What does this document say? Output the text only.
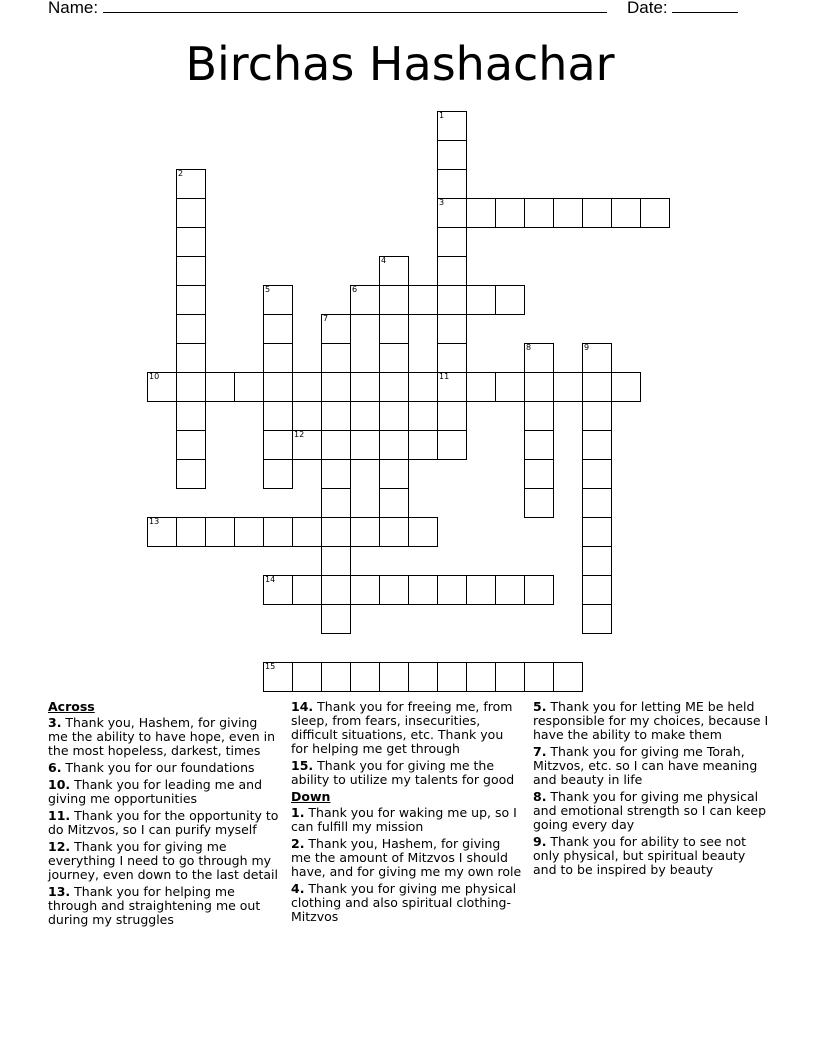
Name:	Date:
Birchas Hashachar
1
3
11
2
4
5	6
7
8	9
10
12
13
14
15
Across
3. Thank you, Hashem, for giving me the ability to have hope, even in the most hopeless, darkest, times
6. Thank you for our foundations
10. Thank you for leading me and giving me opportunities
11. Thank you for the opportunity to do Mitzvos, so I can purify myself
12. Thank you for giving me everything I need to go through my journey, even down to the last detail
13. Thank you for helping me through and straightening me out during my struggles
14. Thank you for freeing me, from sleep, from fears, insecurities, difficult situations, etc. Thank you for helping me get through
15. Thank you for giving me the ability to utilize my talents for good
Down
1. Thank you for waking me up, so I can fulfill my mission
2. Thank you, Hashem, for giving me the amount of Mitzvos I should have, and for giving me my own role
4. Thank you for giving me physical clothing and also spiritual clothing-Mitzvos
5. Thank you for letting ME be held responsible for my choices, because I have the ability to make them
7. Thank you for giving me Torah, Mitzvos, etc. so I can have meaning and beauty in life
8. Thank you for giving me physical and emotional strength so I can keep going every day
9. Thank you for ability to see not only physical, but spiritual beauty and to be inspired by beauty
